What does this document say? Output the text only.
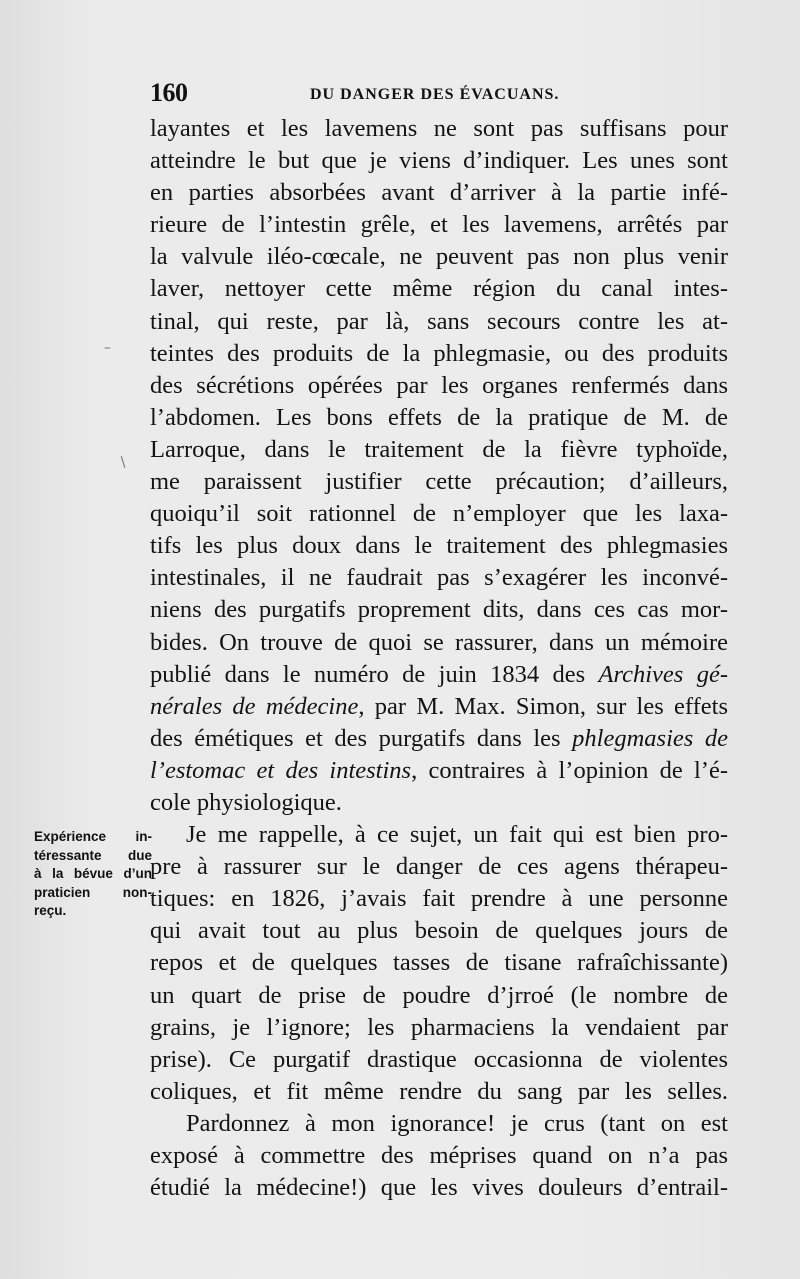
160	DU DANGER DES ÉVACUANS.
layantes et les lavemens ne sont pas suffisans pour
atteindre le but que je viens d’indiquer. Les unes sont
en parties absorbées avant d’arriver à la partie infé-
rieure de l’intestin grêle, et les lavemens, arrêtés par
la valvule iléo-cœcale, ne peuvent pas non plus venir
laver, nettoyer cette même région du canal intes-
tinal, qui reste, par là, sans secours contre les at-
teintes des produits de la phlegmasie, ou des produits
des sécrétions opérées par les organes renfermés dans
l’abdomen. Les bons effets de la pratique de M. de
Larroque, dans le traitement de la fièvre typhoïde,
me paraissent justifier cette précaution; d’ailleurs,
quoiqu’il soit rationnel de n’employer que les laxa-
tifs les plus doux dans le traitement des phlegmasies
intestinales, il ne faudrait pas s’exagérer les inconvé-
niens des purgatifs proprement dits, dans ces cas mor-
bides. On trouve de quoi se rassurer, dans un mémoire
publié dans le numéro de juin 1834 des Archives gé-
nérales de médecine, par M. Max. Simon, sur les effets
des émétiques et des purgatifs dans les phlegmasies de
l’estomac et des intestins, contraires à l’opinion de l’é-
cole physiologique.
Je me rappelle, à ce sujet, un fait qui est bien pro-
pre à rassurer sur le danger de ces agens thérapeu-
tiques: en 1826, j’avais fait prendre à une personne
qui avait tout au plus besoin de quelques jours de
repos et de quelques tasses de tisane rafraîchissante)
un quart de prise de poudre d’jrroé (le nombre de
grains, je l’ignore; les pharmaciens la vendaient par
prise). Ce purgatif drastique occasionna de violentes
coliques, et fit même rendre du sang par les selles.
Pardonnez à mon ignorance! je crus (tant on est
exposé à commettre des méprises quand on n’a pas
étudié la médecine!) que les vives douleurs d’entrail-
Expérience in-
téressante due
à la bévue d’un
praticien non-
reçu.
–
∖
